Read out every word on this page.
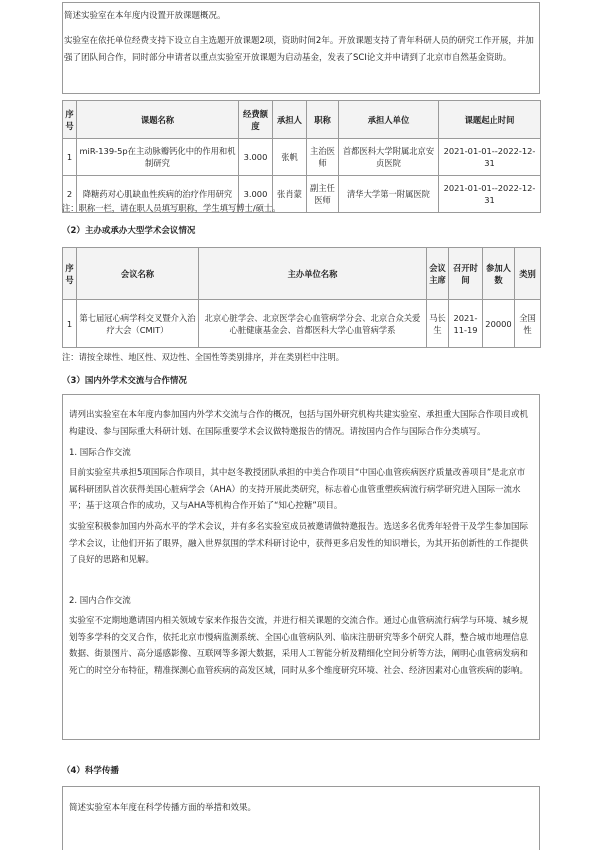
简述实验室在本年度内设置开放课题概况。

实验室在依托单位经费支持下设立自主选题开放课题2项，资助时间2年。开放课题支持了青年科研人员的研究工作开展，并加强了团队间合作，同时部分申请者以重点实验室开放课题为启动基金，发表了SCI论文并申请到了北京市自然基金资助。

序号	课题名称	经费额度	承担人	职称	承担人单位	课题起止时间
1	miR-139-5p在主动脉瓣钙化中的作用和机制研究	3.000	张帆	主治医师	首都医科大学附属北京安贞医院	2021-01-01--2022-12-31
2	降糖药对心肌缺血性疾病的治疗作用研究	3.000	张肖蒙	副主任医师	清华大学第一附属医院	2021-01-01--2022-12-31
注：职称一栏，请在职人员填写职称，学生填写博士/硕士。
（2）主办或承办大型学术会议情况
序号	会议名称	主办单位名称	会议主席	召开时间	参加人数	类别
1	第七届冠心病学科交叉暨介入治疗大会（CMIT）	北京心脏学会、北京医学会心血管病学分会、北京合众关爱心脏健康基金会、首都医科大学心血管病学系	马长生	2021-11-19	20000	全国性
注：请按全球性、地区性、双边性、全国性等类别排序，并在类别栏中注明。
（3）国内外学术交流与合作情况

请列出实验室在本年度内参加国内外学术交流与合作的概况，包括与国外研究机构共建实验室、承担重大国际合作项目或机构建设、参与国际重大科研计划、在国际重要学术会议做特邀报告的情况。请按国内合作与国际合作分类填写。

1. 国际合作交流

目前实验室共承担5项国际合作项目，其中赵冬教授团队承担的中美合作项目“中国心血管疾病医疗质量改善项目”是北京市属科研团队首次获得美国心脏病学会（AHA）的支持开展此类研究，标志着心血管重塑疾病流行病学研究进入国际一流水平；基于这项合作的成功，又与AHA等机构合作开始了“知心控糖”项目。

实验室积极参加国内外高水平的学术会议，并有多名实验室成员被邀请做特邀报告。选送多名优秀年轻骨干及学生参加国际学术会议，让他们开拓了眼界，融入世界氛围的学术科研讨论中，获得更多启发性的知识增长，为其开拓创新性的工作提供了良好的思路和见解。

2. 国内合作交流

实验室不定期地邀请国内相关领域专家来作报告交流，并进行相关课题的交流合作。通过心血管病流行病学与环境、城乡规划等多学科的交叉合作，依托北京市慢病监测系统、全国心血管病队列、临床注册研究等多个研究人群，整合城市地理信息数据、街景图片、高分遥感影像、互联网等多源大数据，采用人工智能分析及精细化空间分析等方法，阐明心血管病发病和死亡的时空分布特征，精准探测心血管疾病的高发区域，同时从多个维度研究环境、社会、经济因素对心血管疾病的影响。

（4）科学传播

简述实验室本年度在科学传播方面的举措和效果。
